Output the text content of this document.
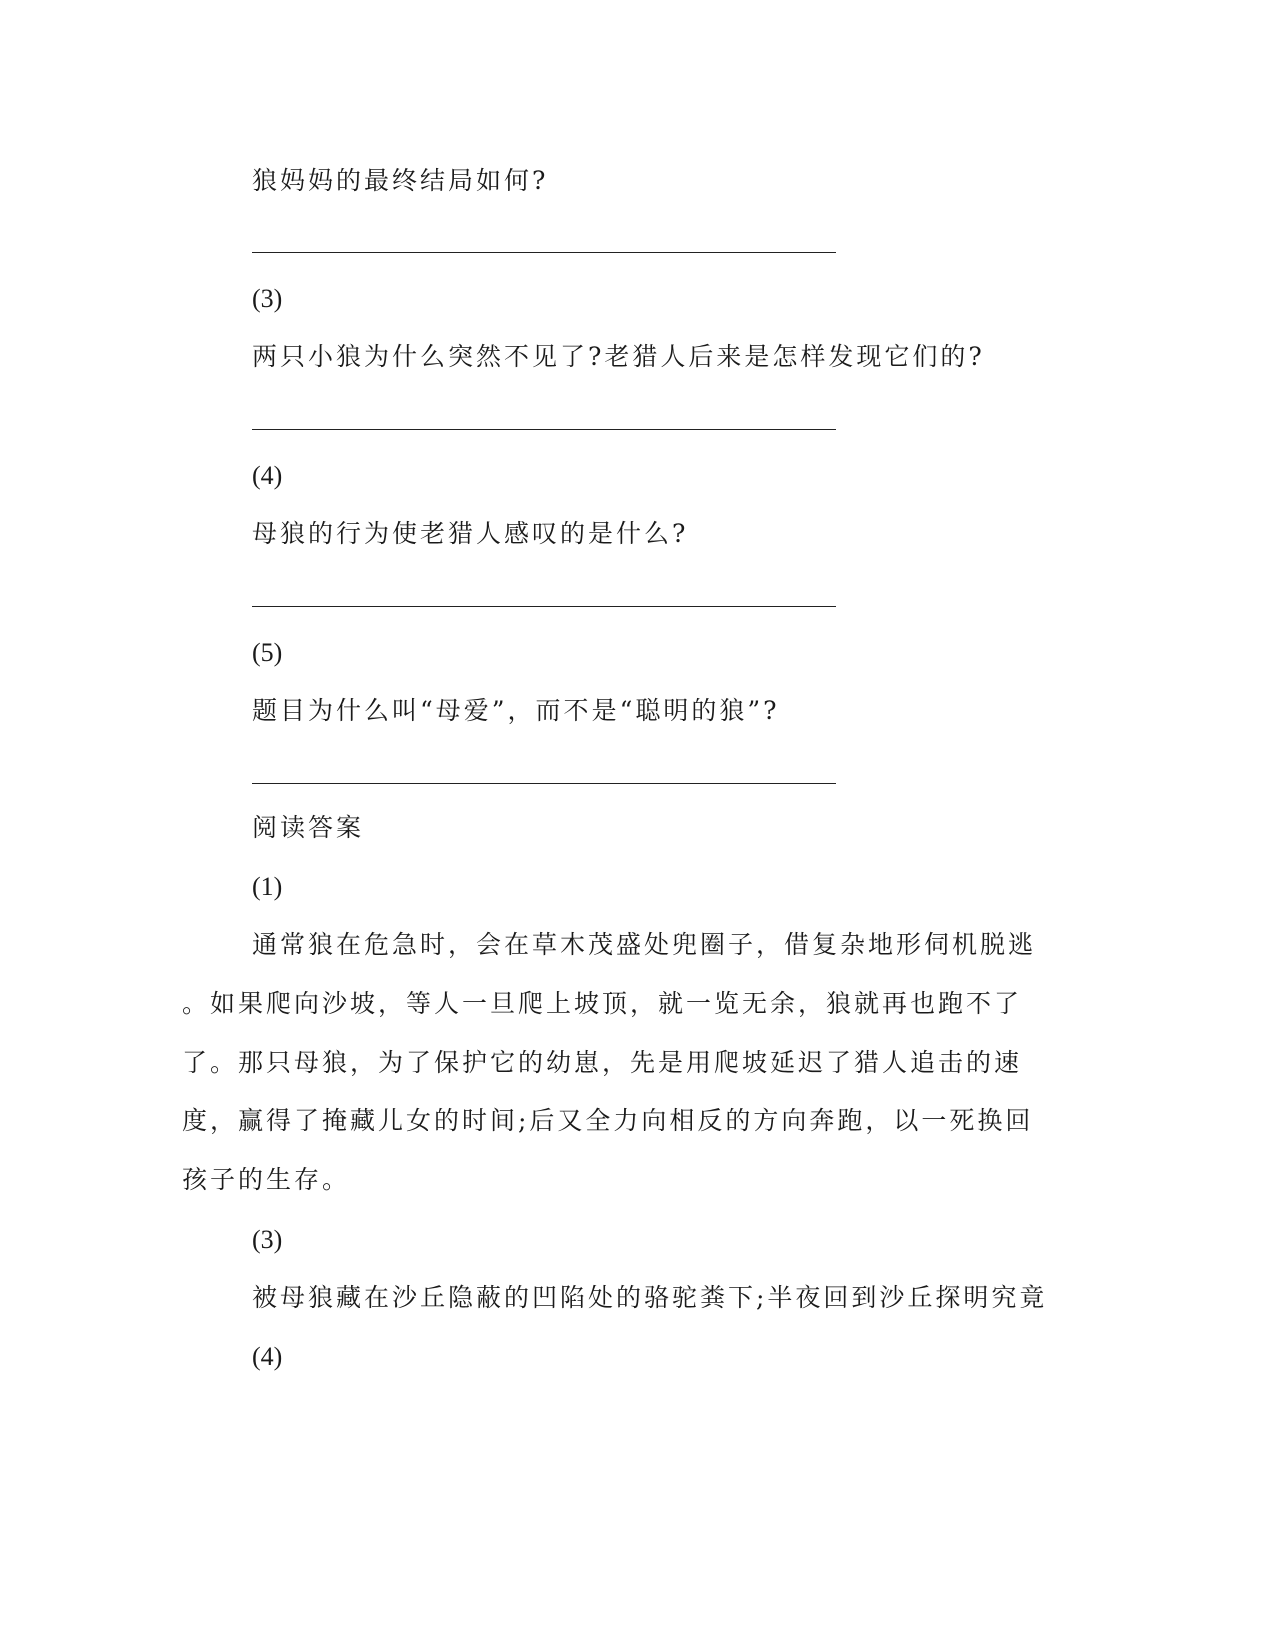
狼妈妈的最终结局如何?
(3)
两只小狼为什么突然不见了?老猎人后来是怎样发现它们的?
(4)
母狼的行为使老猎人感叹的是什么?
(5)
题目为什么叫“母爱”，而不是“聪明的狼”?
阅读答案
(1)
通常狼在危急时，会在草木茂盛处兜圈子，借复杂地形伺机脱逃
。如果爬向沙坡，等人一旦爬上坡顶，就一览无余，狼就再也跑不了
了。那只母狼，为了保护它的幼崽，先是用爬坡延迟了猎人追击的速
度，赢得了掩藏儿女的时间;后又全力向相反的方向奔跑，以一死换回
孩子的生存。
(3)
被母狼藏在沙丘隐蔽的凹陷处的骆驼粪下;半夜回到沙丘探明究竟
(4)
